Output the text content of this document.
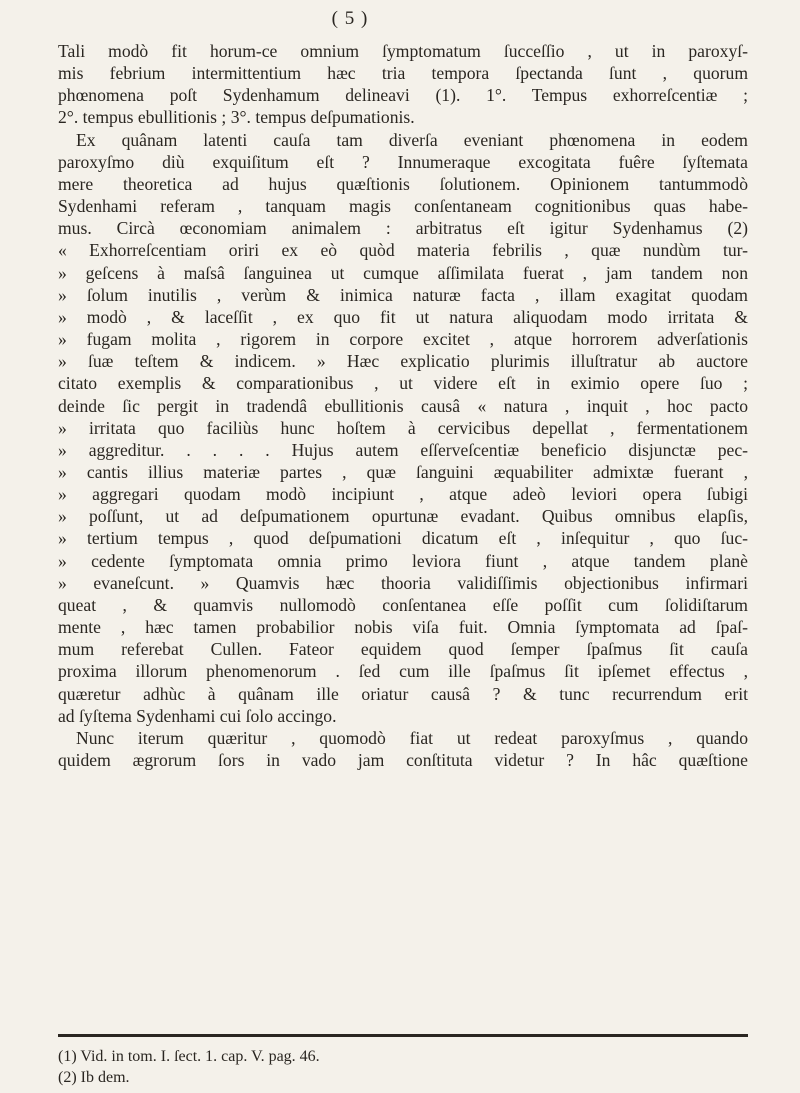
( 5 )
Tali modò fit horum-ce omnium ſymptomatum ſucceſſio , ut in paroxyſ-
mis febrium intermittentium hæc tria tempora ſpectanda ſunt , quorum
phœnomena poſt Sydenhamum delineavi (1). 1°. Tempus exhorreſcentiæ ;
2°. tempus ebullitionis ; 3°. tempus deſpumationis.
Ex quânam latenti cauſa tam diverſa eveniant phœnomena in eodem
paroxyſmo diù exquiſitum eſt ? Innumeraque excogitata fuêre ſyſtemata
mere theoretica ad hujus quæſtionis ſolutionem. Opinionem tantummodò
Sydenhami referam , tanquam magis conſentaneam cognitionibus quas habe-
mus. Circà œconomiam animalem : arbitratus eſt igitur Sydenhamus (2)
« Exhorreſcentiam oriri ex eò quòd materia febrilis , quæ nundùm tur-
» geſcens à maſsâ ſanguinea ut cumque aſſimilata fuerat , jam tandem non
» ſolum inutilis , verùm & inimica naturæ facta , illam exagitat quodam
» modò , & laceſſit , ex quo fit ut natura aliquodam modo irritata &
» fugam molita , rigorem in corpore excitet , atque horrorem adverſationis
» ſuæ teſtem & indicem. » Hæc explicatio plurimis illuſtratur ab auctore
citato exemplis & comparationibus , ut videre eſt in eximio opere ſuo ;
deinde ſic pergit in tradendâ ebullitionis causâ « natura , inquit , hoc pacto
» irritata quo faciliùs hunc hoſtem à cervicibus depellat , fermentationem
» aggreditur. . . . . Hujus autem eſſerveſcentiæ beneficio disjunctæ pec-
» cantis illius materiæ partes , quæ ſanguini æquabiliter admixtæ fuerant ,
» aggregari quodam modò incipiunt , atque adeò leviori opera ſubigi
» poſſunt, ut ad deſpumationem opurtunæ evadant. Quibus omnibus elapſis,
» tertium tempus , quod deſpumationi dicatum eſt , inſequitur , quo ſuc-
» cedente ſymptomata omnia primo leviora fiunt , atque tandem planè
» evaneſcunt. » Quamvis hæc thooria validiſſimis objectionibus infirmari
queat , & quamvis nullomodò conſentanea eſſe poſſit cum ſolidiſtarum
mente , hæc tamen probabilior nobis viſa fuit. Omnia ſymptomata ad ſpaſ-
mum referebat Cullen. Fateor equidem quod ſemper ſpaſmus ſit cauſa
proxima illorum phenomenorum . ſed cum ille ſpaſmus ſit ipſemet effectus ,
quæretur adhùc à quânam ille oriatur causâ ? & tunc recurrendum erit
ad ſyſtema Sydenhami cui ſolo accingo.
Nunc iterum quæritur , quomodò fiat ut redeat paroxyſmus , quando
quidem ægrorum ſors in vado jam conſtituta videtur ? In hâc quæſtione
(1) Vid. in tom. I. ſect. 1. cap. V. pag. 46.
(2) Ib dem.
